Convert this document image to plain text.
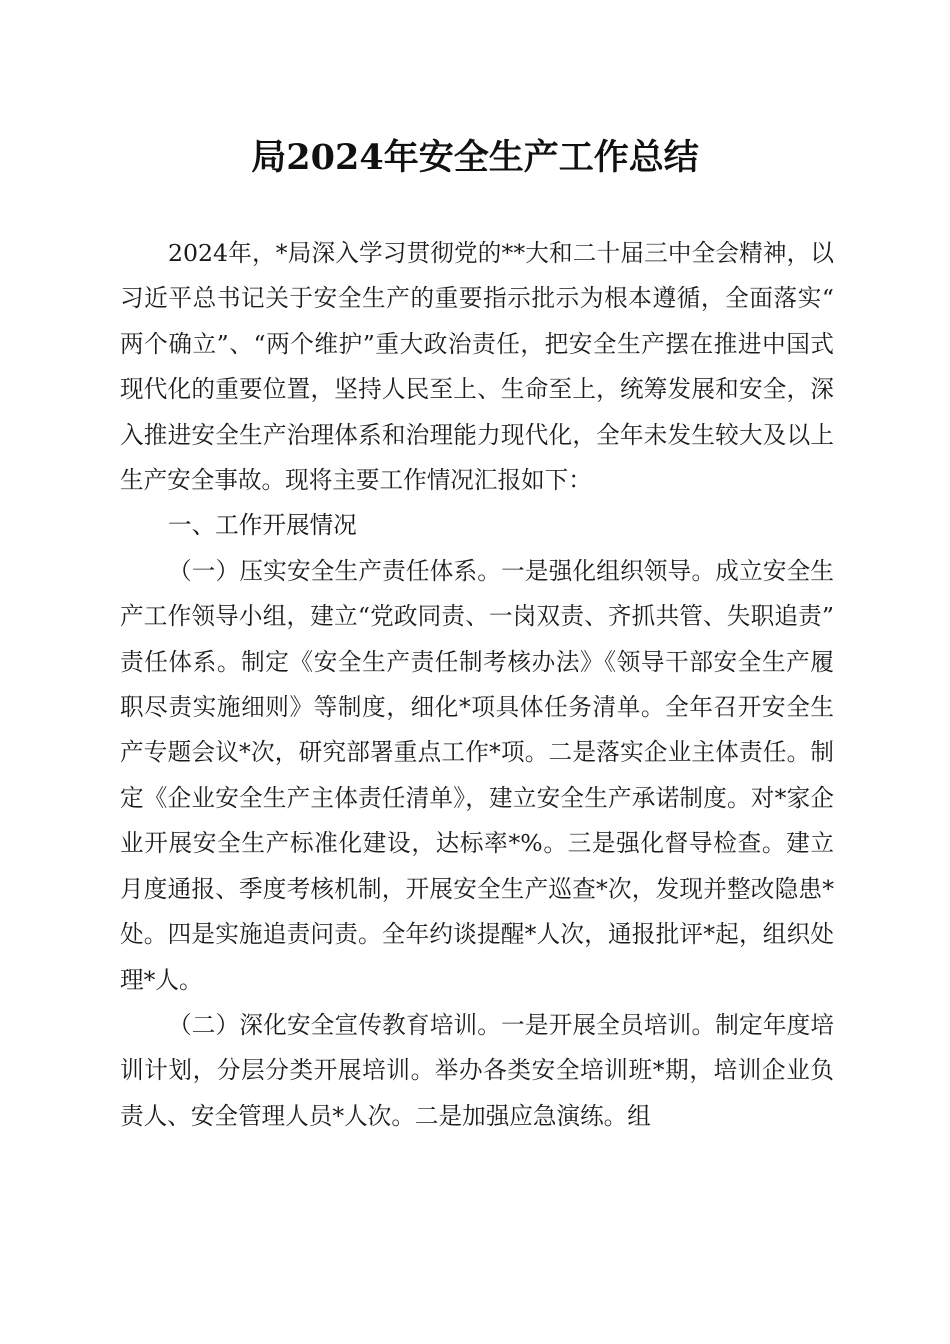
局2024年安全生产工作总结

2024年，*局深入学习贯彻党的**大和二十届三中全会精神，以习近平总书记关于安全生产的重要指示批示为根本遵循，全面落实“两个确立”、“两个维护”重大政治责任，把安全生产摆在推进中国式现代化的重要位置，坚持人民至上、生命至上，统筹发展和安全，深入推进安全生产治理体系和治理能力现代化，全年未发生较大及以上生产安全事故。现将主要工作情况汇报如下：

一、工作开展情况

（一）压实安全生产责任体系。一是强化组织领导。成立安全生产工作领导小组，建立“党政同责、一岗双责、齐抓共管、失职追责”责任体系。制定《安全生产责任制考核办法》《领导干部安全生产履职尽责实施细则》等制度，细化*项具体任务清单。全年召开安全生产专题会议*次，研究部署重点工作*项。二是落实企业主体责任。制定《企业安全生产主体责任清单》，建立安全生产承诺制度。对*家企业开展安全生产标准化建设，达标率*%。三是强化督导检查。建立月度通报、季度考核机制，开展安全生产巡查*次，发现并整改隐患*处。四是实施追责问责。全年约谈提醒*人次，通报批评*起，组织处理*人。

（二）深化安全宣传教育培训。一是开展全员培训。制定年度培训计划，分层分类开展培训。举办各类安全培训班*期，培训企业负责人、安全管理人员*人次。二是加强应急演练。组
